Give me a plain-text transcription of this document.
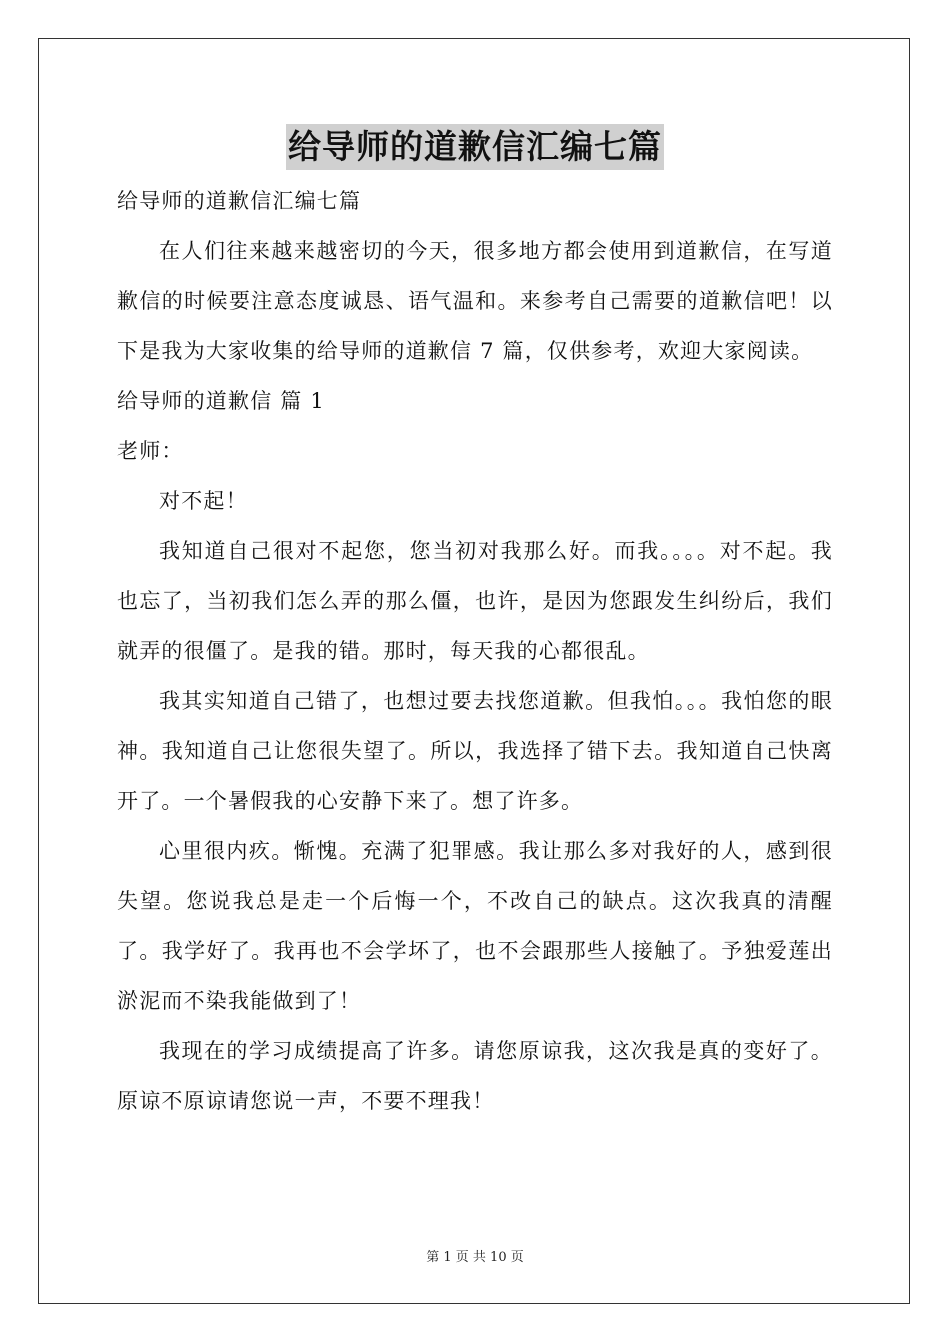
给导师的道歉信汇编七篇

给导师的道歉信汇编七篇

在人们往来越来越密切的今天，很多地方都会使用到道歉信，在写道歉信的时候要注意态度诚恳、语气温和。来参考自己需要的道歉信吧！以下是我为大家收集的给导师的道歉信 7 篇，仅供参考，欢迎大家阅读。

给导师的道歉信 篇 1

老师：

对不起！

我知道自己很对不起您，您当初对我那么好。而我。。。。对不起。我也忘了，当初我们怎么弄的那么僵，也许，是因为您跟发生纠纷后，我们就弄的很僵了。是我的错。那时，每天我的心都很乱。

我其实知道自己错了，也想过要去找您道歉。但我怕。。。我怕您的眼神。我知道自己让您很失望了。所以，我选择了错下去。我知道自己快离开了。一个暑假我的心安静下来了。想了许多。

心里很内疚。惭愧。充满了犯罪感。我让那么多对我好的人，感到很失望。您说我总是走一个后悔一个，不改自己的缺点。这次我真的清醒了。我学好了。我再也不会学坏了，也不会跟那些人接触了。予独爱莲出淤泥而不染我能做到了！

我现在的学习成绩提高了许多。请您原谅我，这次我是真的变好了。原谅不原谅请您说一声，不要不理我！

第 1 页 共 10 页
